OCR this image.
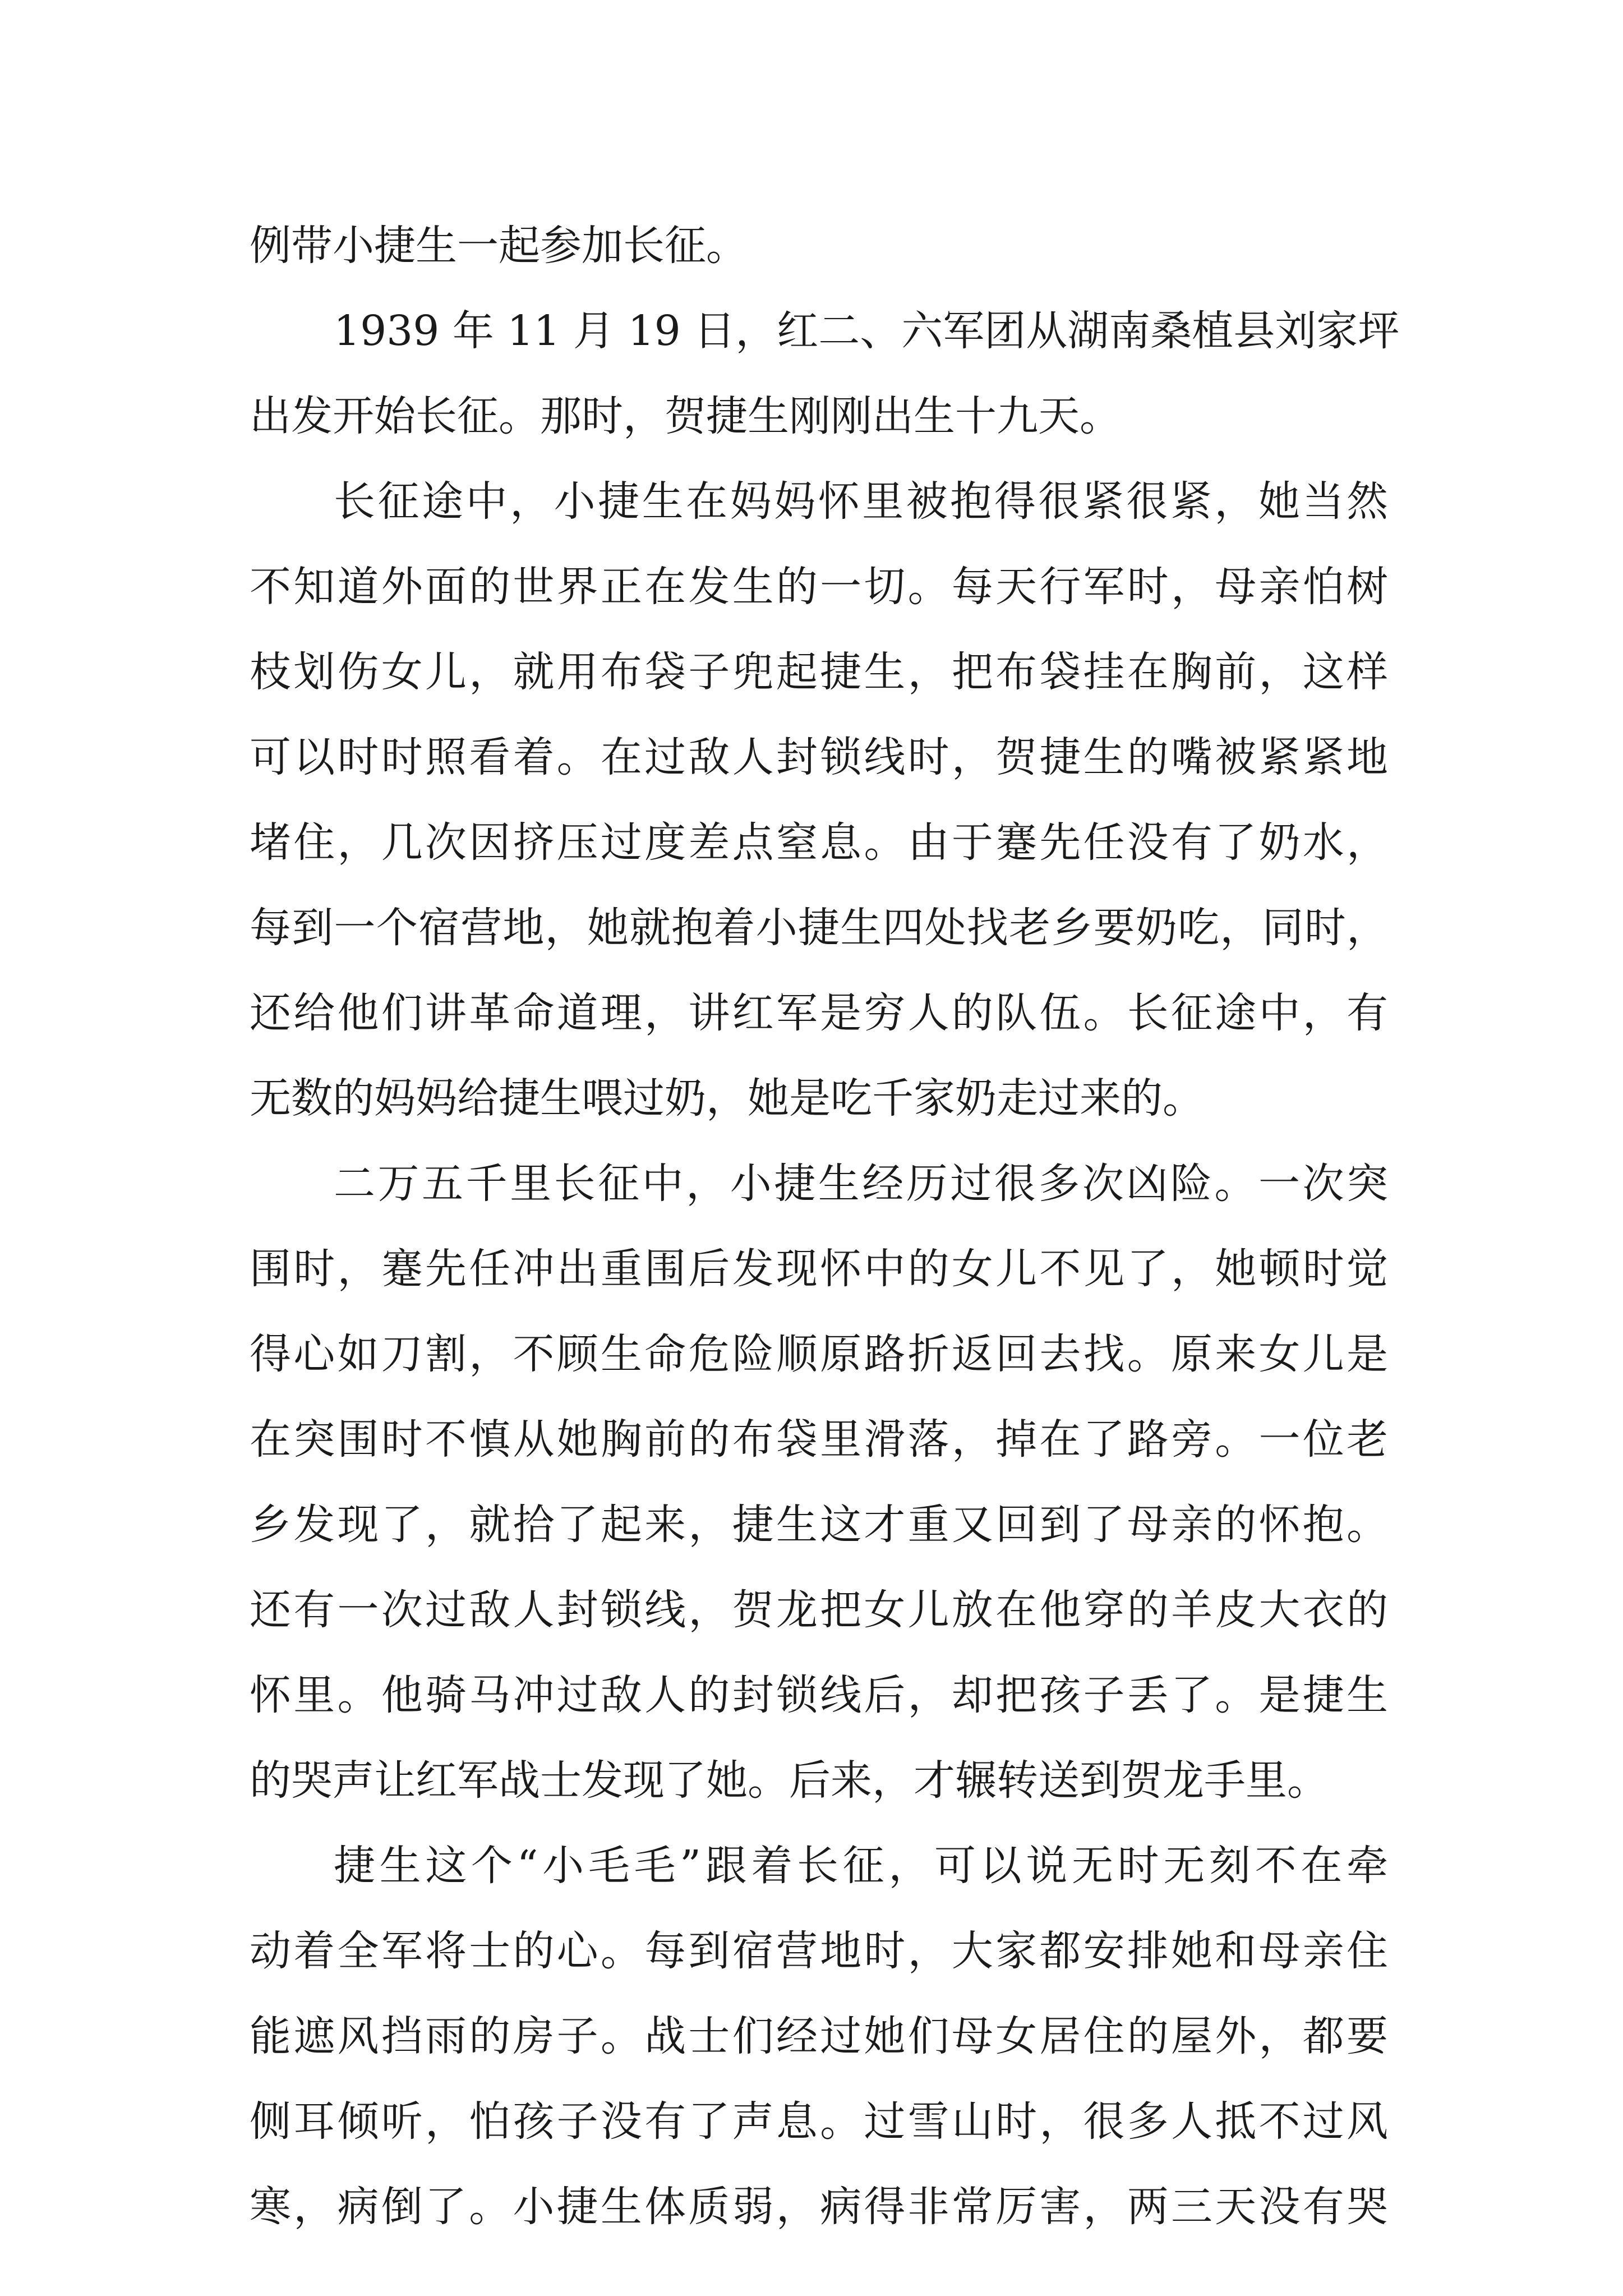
例带小捷生一起参加长征。
1939 年 11 月 19 日，红二、六军团从湖南桑植县刘家坪
出发开始长征。那时，贺捷生刚刚出生十九天。
长征途中，小捷生在妈妈怀里被抱得很紧很紧，她当然
不知道外面的世界正在发生的一切。每天行军时，母亲怕树
枝划伤女儿，就用布袋子兜起捷生，把布袋挂在胸前，这样
可以时时照看着。在过敌人封锁线时，贺捷生的嘴被紧紧地
堵住，几次因挤压过度差点窒息。由于蹇先任没有了奶水，
每到一个宿营地，她就抱着小捷生四处找老乡要奶吃，同时，
还给他们讲革命道理，讲红军是穷人的队伍。长征途中，有
无数的妈妈给捷生喂过奶，她是吃千家奶走过来的。
二万五千里长征中，小捷生经历过很多次凶险。一次突
围时，蹇先任冲出重围后发现怀中的女儿不见了，她顿时觉
得心如刀割，不顾生命危险顺原路折返回去找。原来女儿是
在突围时不慎从她胸前的布袋里滑落，掉在了路旁。一位老
乡发现了，就拾了起来，捷生这才重又回到了母亲的怀抱。
还有一次过敌人封锁线，贺龙把女儿放在他穿的羊皮大衣的
怀里。他骑马冲过敌人的封锁线后，却把孩子丢了。是捷生
的哭声让红军战士发现了她。后来，才辗转送到贺龙手里。
捷生这个“小毛毛”跟着长征，可以说无时无刻不在牵
动着全军将士的心。每到宿营地时，大家都安排她和母亲住
能遮风挡雨的房子。战士们经过她们母女居住的屋外，都要
侧耳倾听，怕孩子没有了声息。过雪山时，很多人抵不过风
寒，病倒了。小捷生体质弱，病得非常厉害，两三天没有哭
